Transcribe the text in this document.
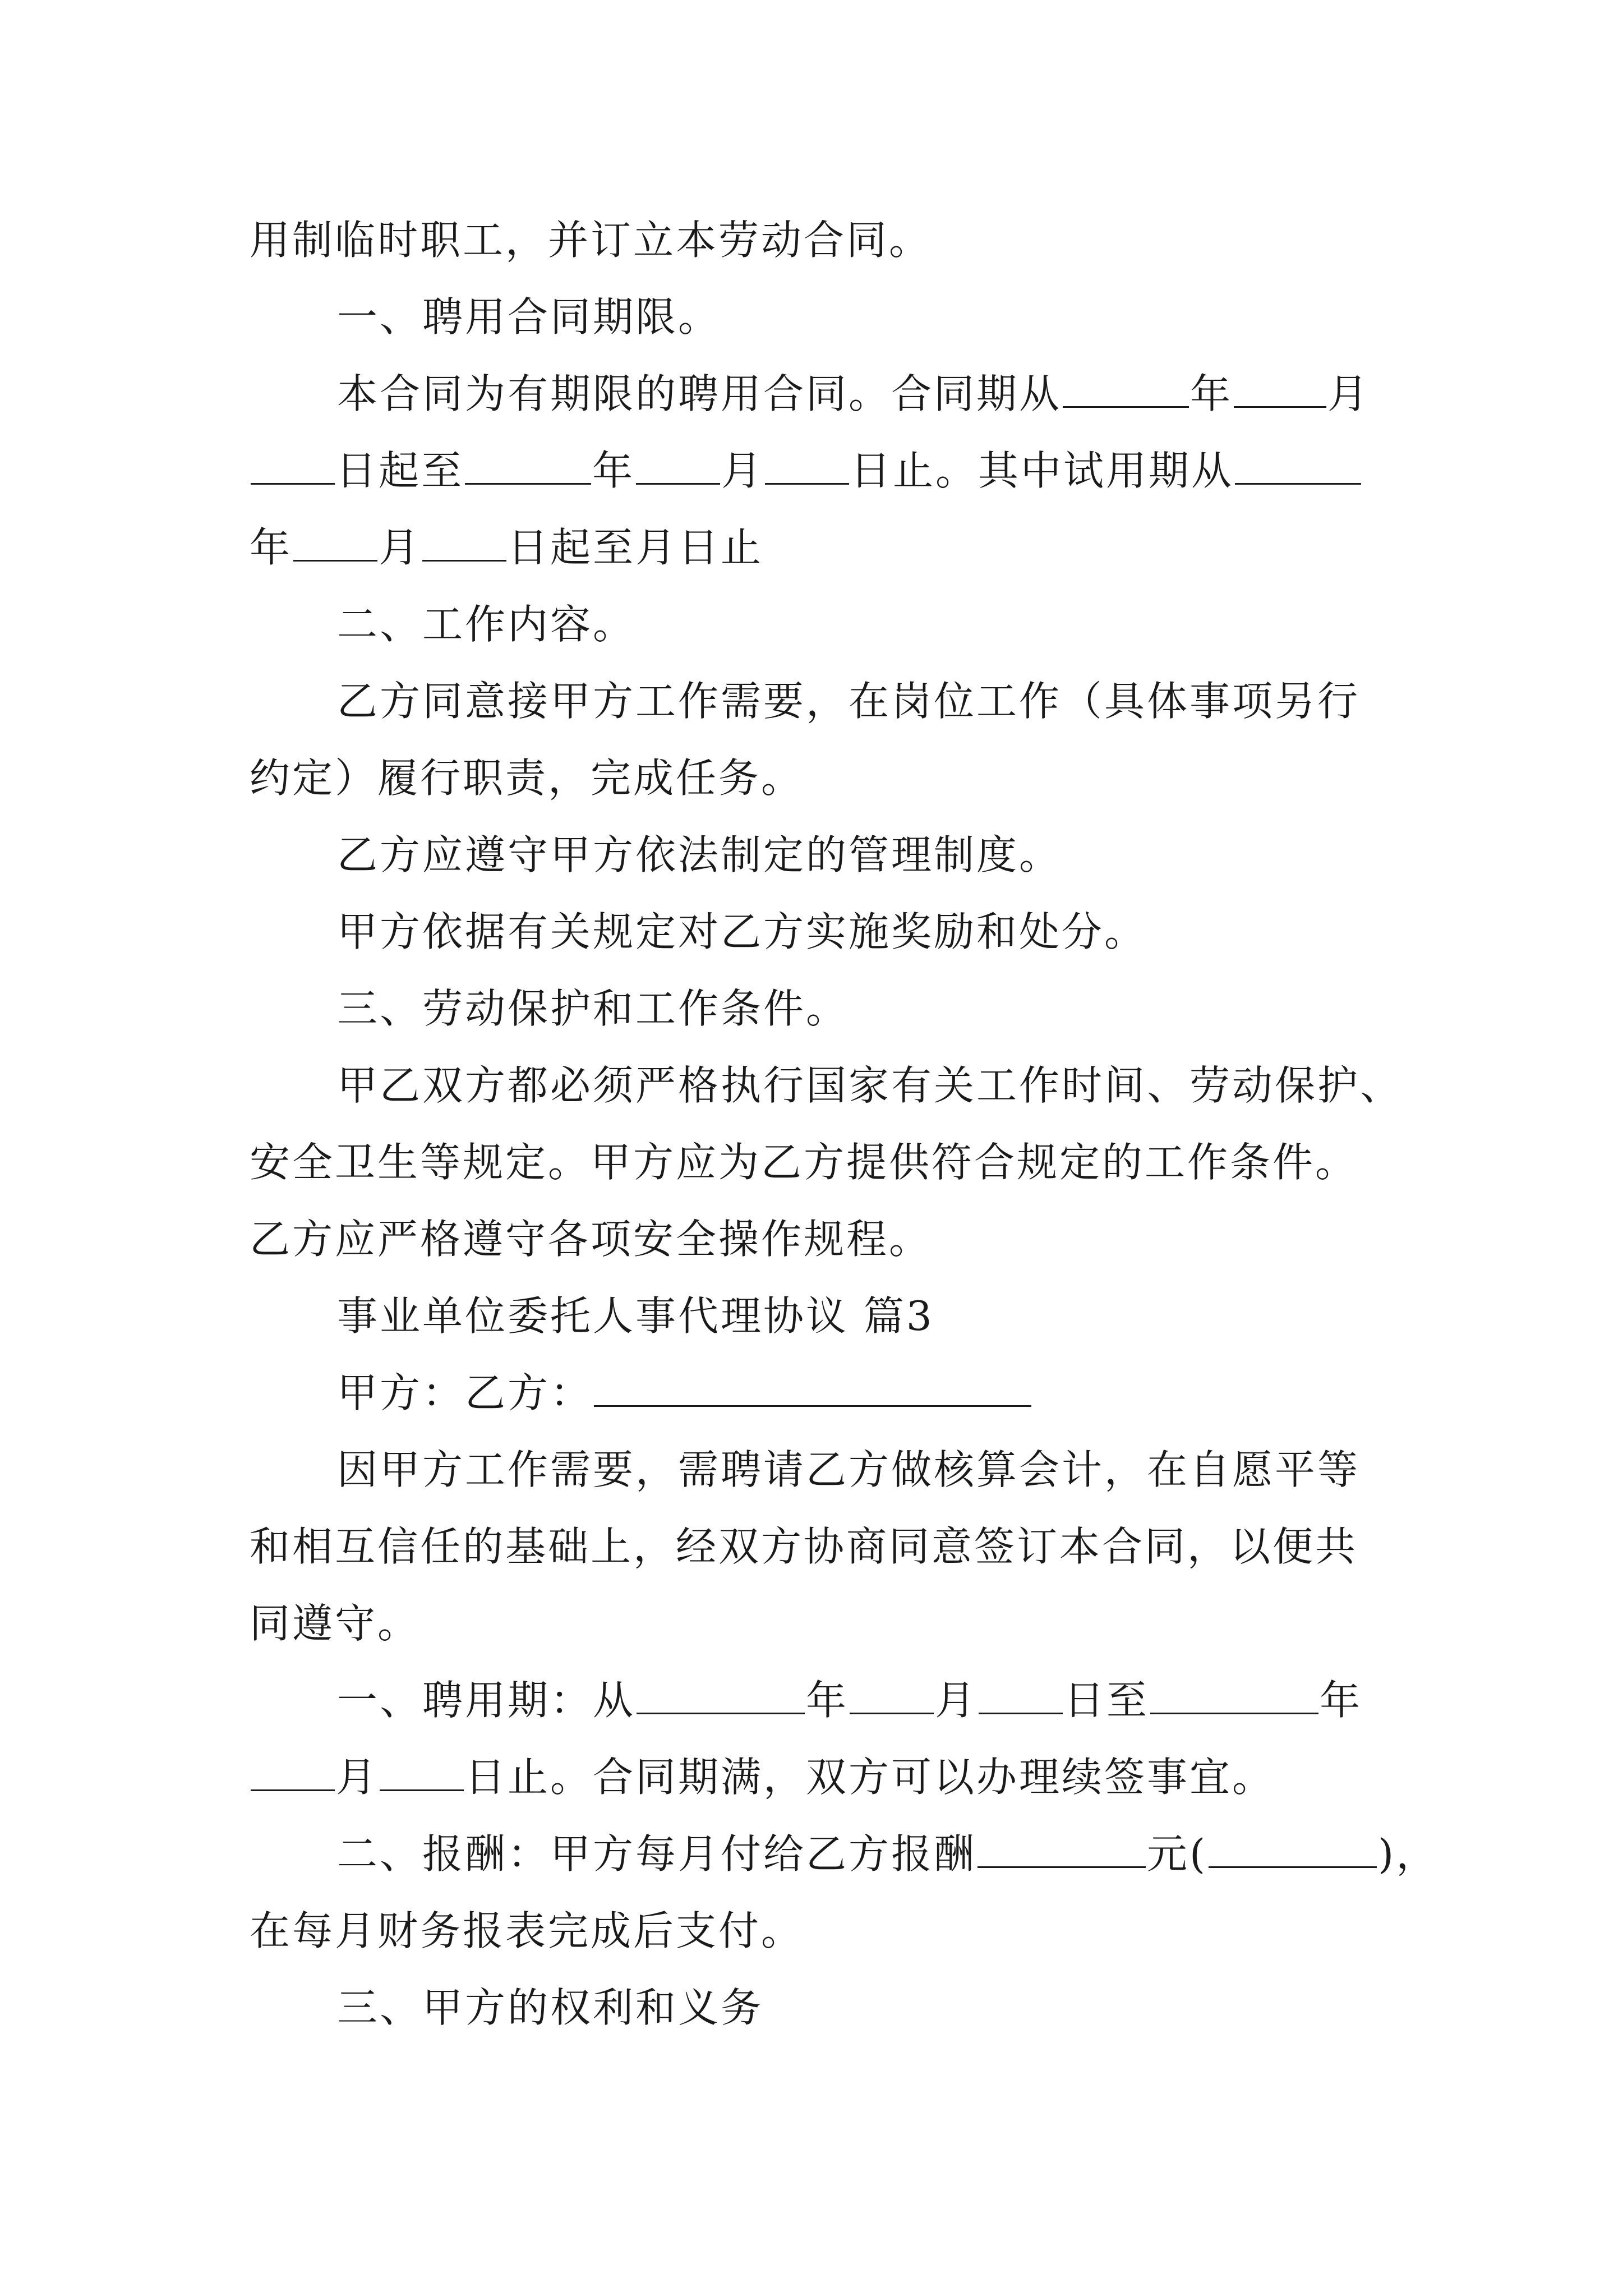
用制临时职工，并订立本劳动合同。
一、聘用合同期限。
本合同为有期限的聘用合同。合同期从	年 月
日起至	年 月 日止。其中试用期从
年 月 日起至月日止
二、工作内容。
乙方同意接甲方工作需要，在岗位工作（具体事项另行
约定）履行职责，完成任务。
乙方应遵守甲方依法制定的管理制度。
甲方依据有关规定对乙方实施奖励和处分。
三、劳动保护和工作条件。
甲乙双方都必须严格执行国家有关工作时间、劳动保护、
安全卫生等规定。甲方应为乙方提供符合规定的工作条件。
乙方应严格遵守各项安全操作规程。
事业单位委托人事代理协议 篇3
甲方：乙方：
因甲方工作需要，需聘请乙方做核算会计，在自愿平等
和相互信任的基础上，经双方协商同意签订本合同，以便共
同遵守。
一、聘用期：从	年 月 日至	年
月 日止。合同期满，双方可以办理续签事宜。
二、报酬：甲方每月付给乙方报酬	元(	)，
在每月财务报表完成后支付。
三、甲方的权利和义务
